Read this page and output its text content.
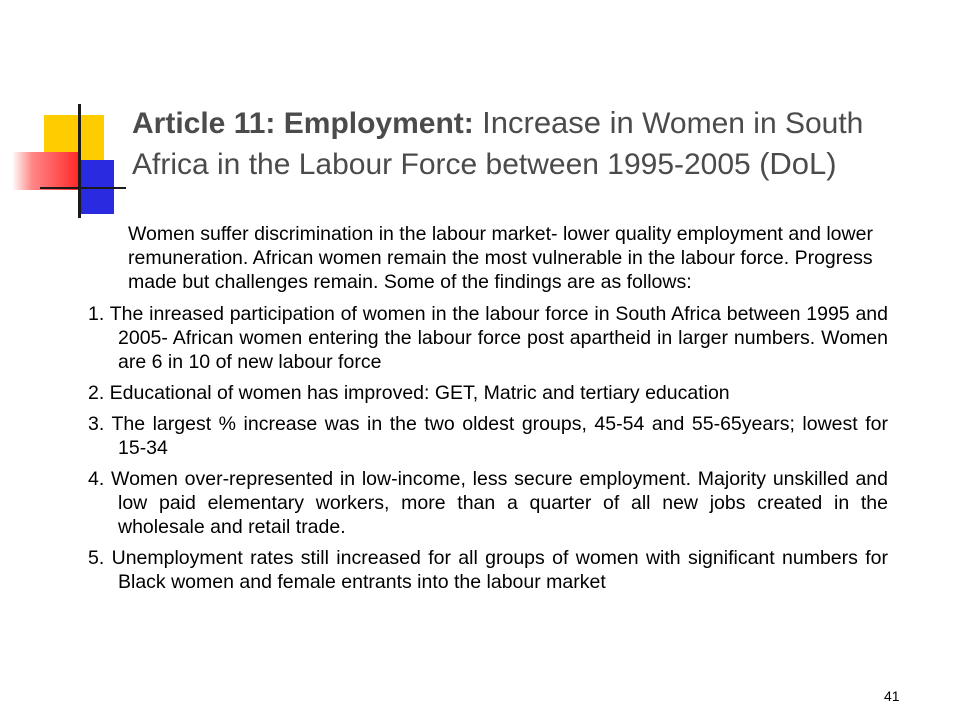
Article 11: Employment: Increase in Women in South Africa in the Labour Force between 1995-2005 (DoL)

Women suffer discrimination in the labour market- lower quality employment and lower remuneration. African women remain the most vulnerable in the labour force. Progress made but challenges remain. Some of the findings are as follows:

1. The inreased participation of women in the labour force in South Africa between 1995 and 2005- African women entering the labour force post apartheid in larger numbers. Women are 6 in 10 of new labour force

2. Educational of women has improved: GET, Matric and tertiary education

3. The largest % increase was in the two oldest groups, 45-54 and 55-65years; lowest for 15-34

4. Women over-represented in low-income, less secure employment. Majority unskilled and low paid elementary workers, more than a quarter of all new jobs created in the wholesale and retail trade.

5. Unemployment rates still increased for all groups of women with significant numbers for Black women and female entrants into the labour market

41
